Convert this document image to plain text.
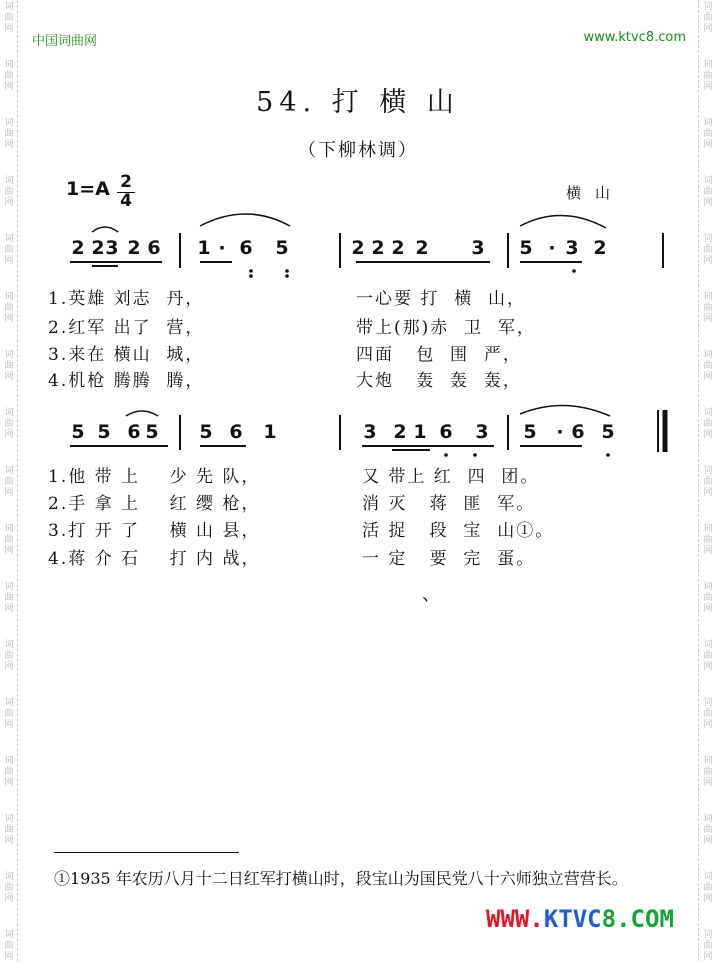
词
曲
网
词
曲
网
词
曲
网
词
曲
网
词
曲
网
词
曲
网
词
曲
网
词
曲
网
词
曲
网
词
曲
网
词
曲
网
词
曲
网
词
曲
网
词
曲
网
词
曲
网
词
曲
网
词
曲
网
词
曲
网
词
曲
网
词
曲
网
词
曲
网
词
曲
网
词
曲
网
词
曲
网
词
曲
网
词
曲
网
词
曲
网
词
曲
网
词
曲
网
词
曲
网
词
曲
网
词
曲
网
词
曲
网
词
曲
网
中国词曲网	www.ktvc8.com
54. 打 横 山
（下柳林调）
1=A 2
4	横山
2 2 3 2 6 1 · 6 5	2 2 2 2 3 5 · 3 2
5 5 6 5 5 6 1	3 2 1 6 3 5 · 6 5
1.英雄 刘志  丹，	一心要 打  横  山，
2.红军 出了  营，	带上(那)赤  卫  军，
3.来在 横山  城，	四面   包  围  严，
4.机枪 腾腾  腾，	大炮   轰  轰  轰，
1.他 带 上    少 先 队，	又 带上 红  四  团。
2.手 拿 上    红 缨 枪，	消 灭   蒋  匪  军。
3.打 开 了    横 山 县，	活 捉   段  宝  山①。
4.蒋 介 石    打 内 战，	一 定   要  完  蛋。
、
①1935 年农历八月十二日红军打横山时，段宝山为国民党八十六师独立营营长。
WWW.KTVC8.COM
